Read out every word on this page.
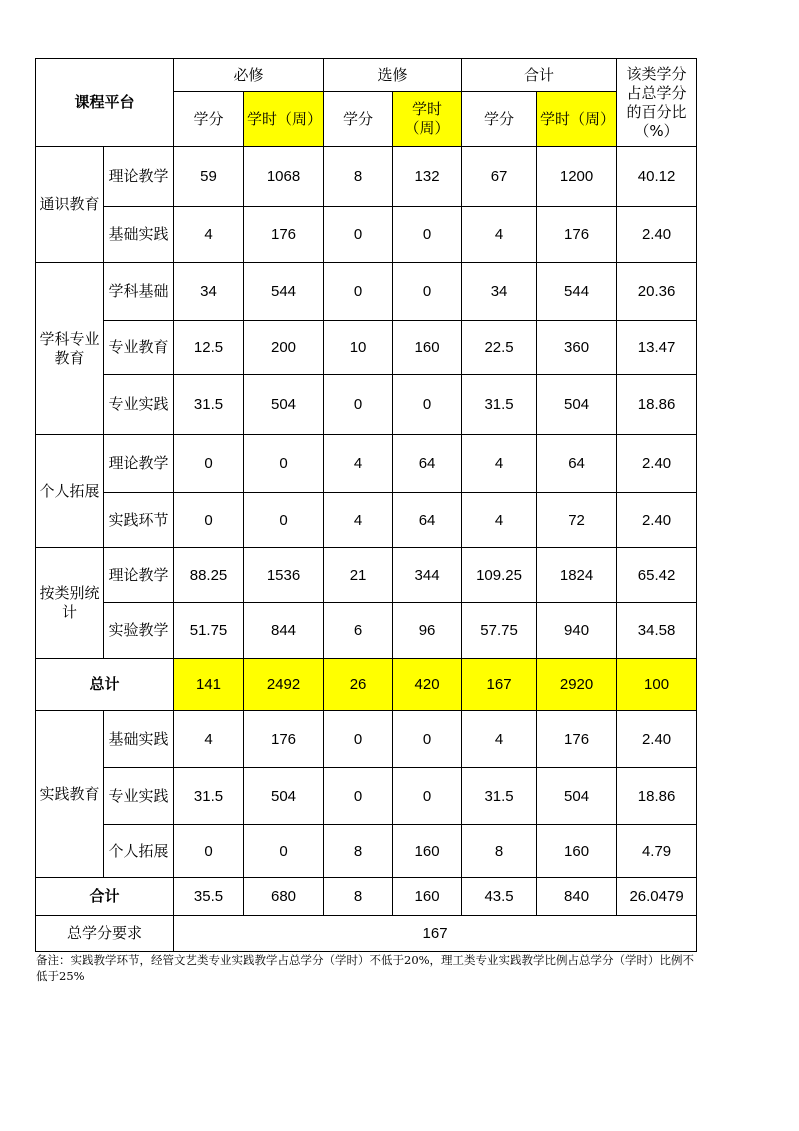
课程平台		必修		选修		合计		该类学分占总学分的百分比（%）
		学分	学时（周）	学分	学时（周）	学分	学时（周）	
通识教育	理论教学	59	1068	8	132	67	1200	40.12
	基础实践	4	176	0	0	4	176	2.40
学科专业教育	学科基础	34	544	0	0	34	544	20.36
	专业教育	12.5	200	10	160	22.5	360	13.47
	专业实践	31.5	504	0	0	31.5	504	18.86
个人拓展	理论教学	0	0	4	64	4	64	2.40
	实践环节	0	0	4	64	4	72	2.40
按类别统计	理论教学	88.25	1536	21	344	109.25	1824	65.42
	实验教学	51.75	844	6	96	57.75	940	34.58
总计		141	2492	26	420	167	2920	100
实践教育	基础实践	4	176	0	0	4	176	2.40
	专业实践	31.5	504	0	0	31.5	504	18.86
	个人拓展	0	0	8	160	8	160	4.79
合计		35.5	680	8	160	43.5	840	26.0479
总学分要求		167						
备注：实践教学环节，经管文艺类专业实践教学占总学分（学时）不低于20%，理工类专业实践教学比例占总学分（学时）比例不低于25%
